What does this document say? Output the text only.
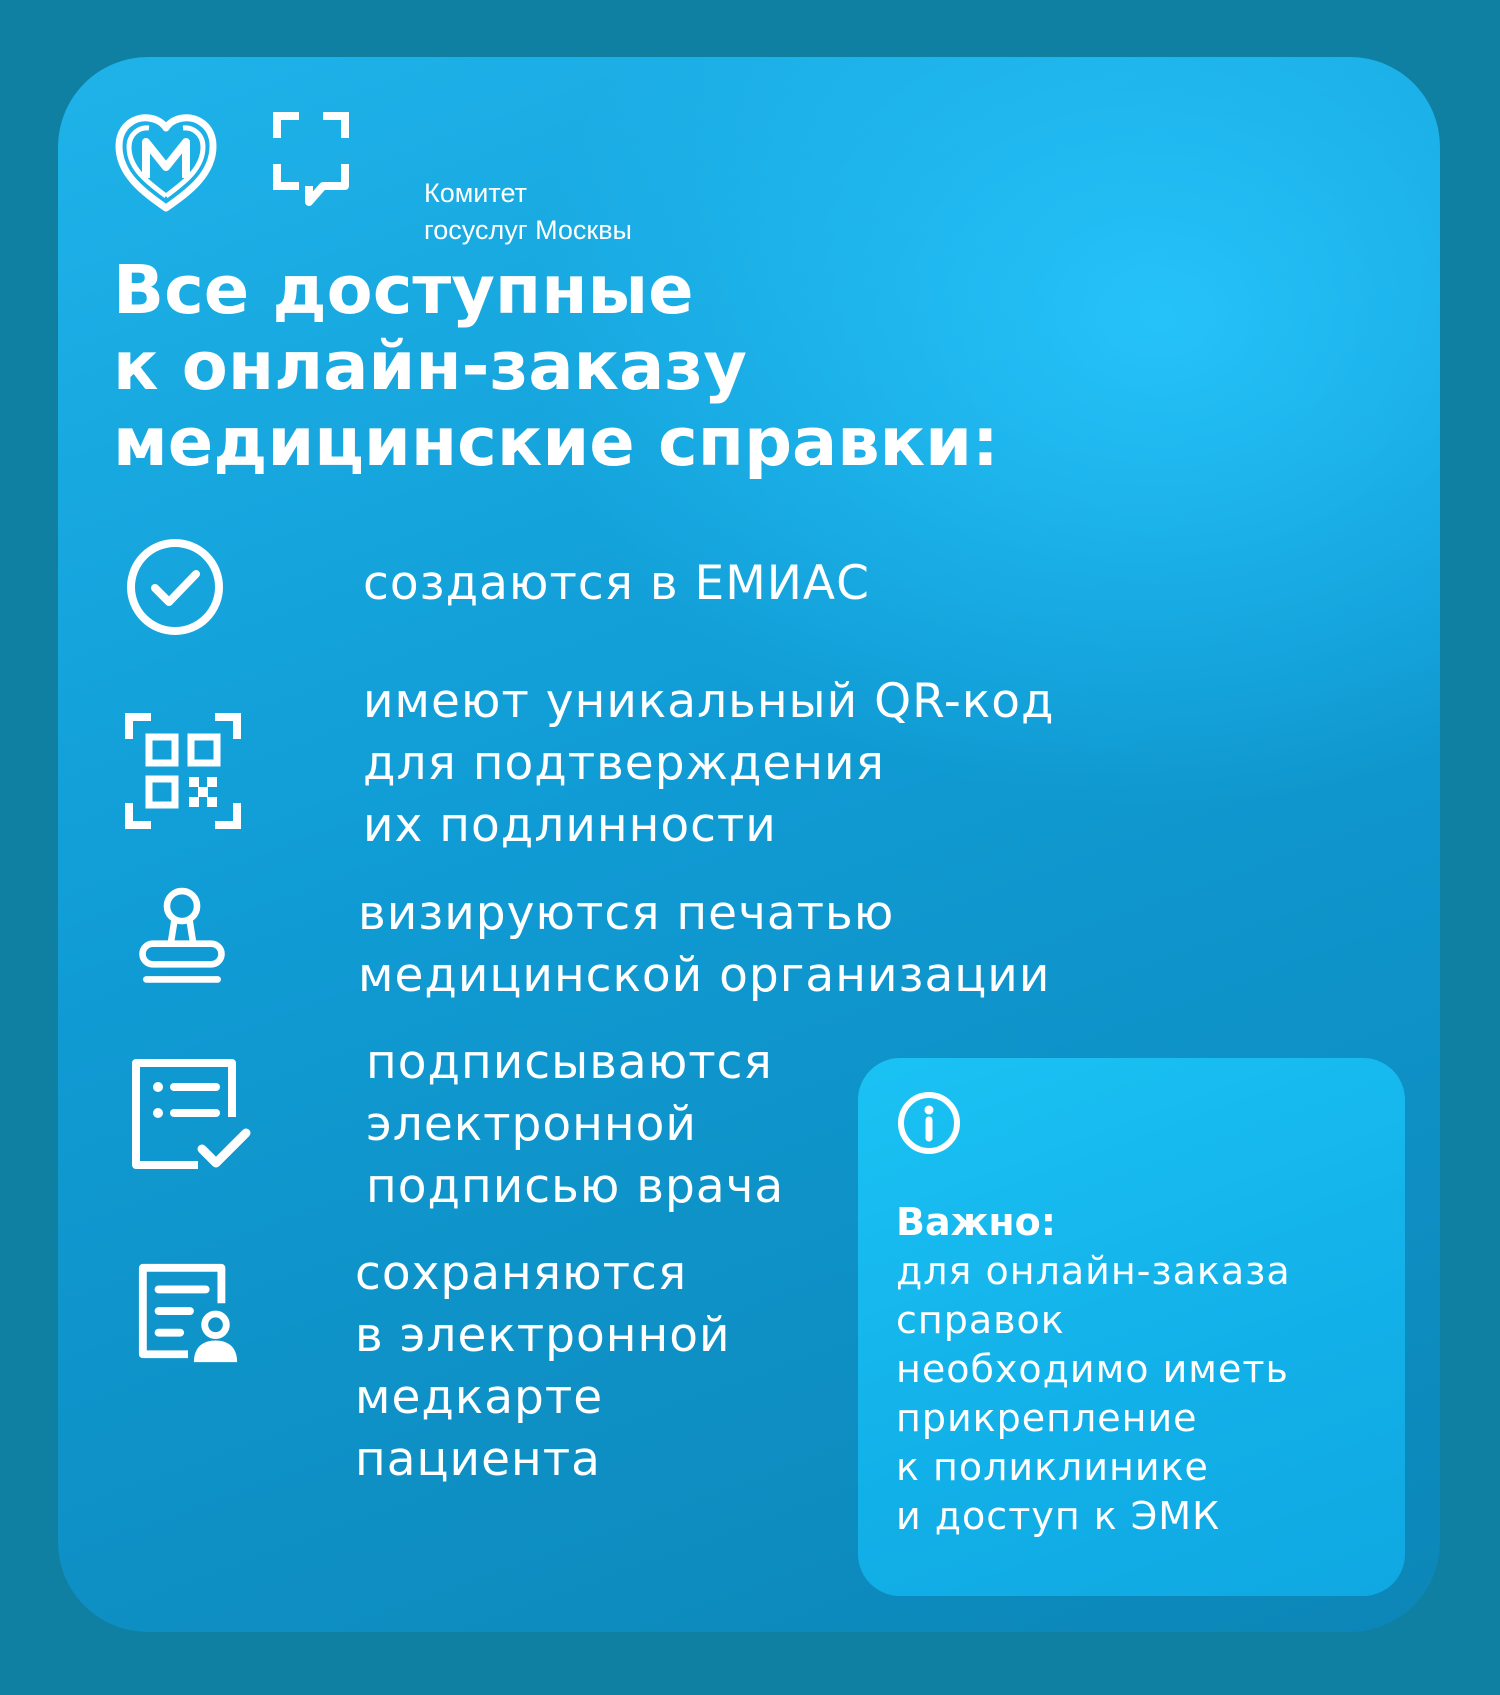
Комитет
госуслуг Москвы
Все доступные
к онлайн-заказу
медицинские справки:
создаются в ЕМИАС
имеют уникальный QR-код
для подтверждения
их подлинности
визируются печатью
медицинской организации
подписываются
электронной
подписью врача
сохраняются
в электронной
медкарте
пациента
Важно:
для онлайн-заказа
справок
необходимо иметь
прикрепление
к поликлинике
и доступ к ЭМК
